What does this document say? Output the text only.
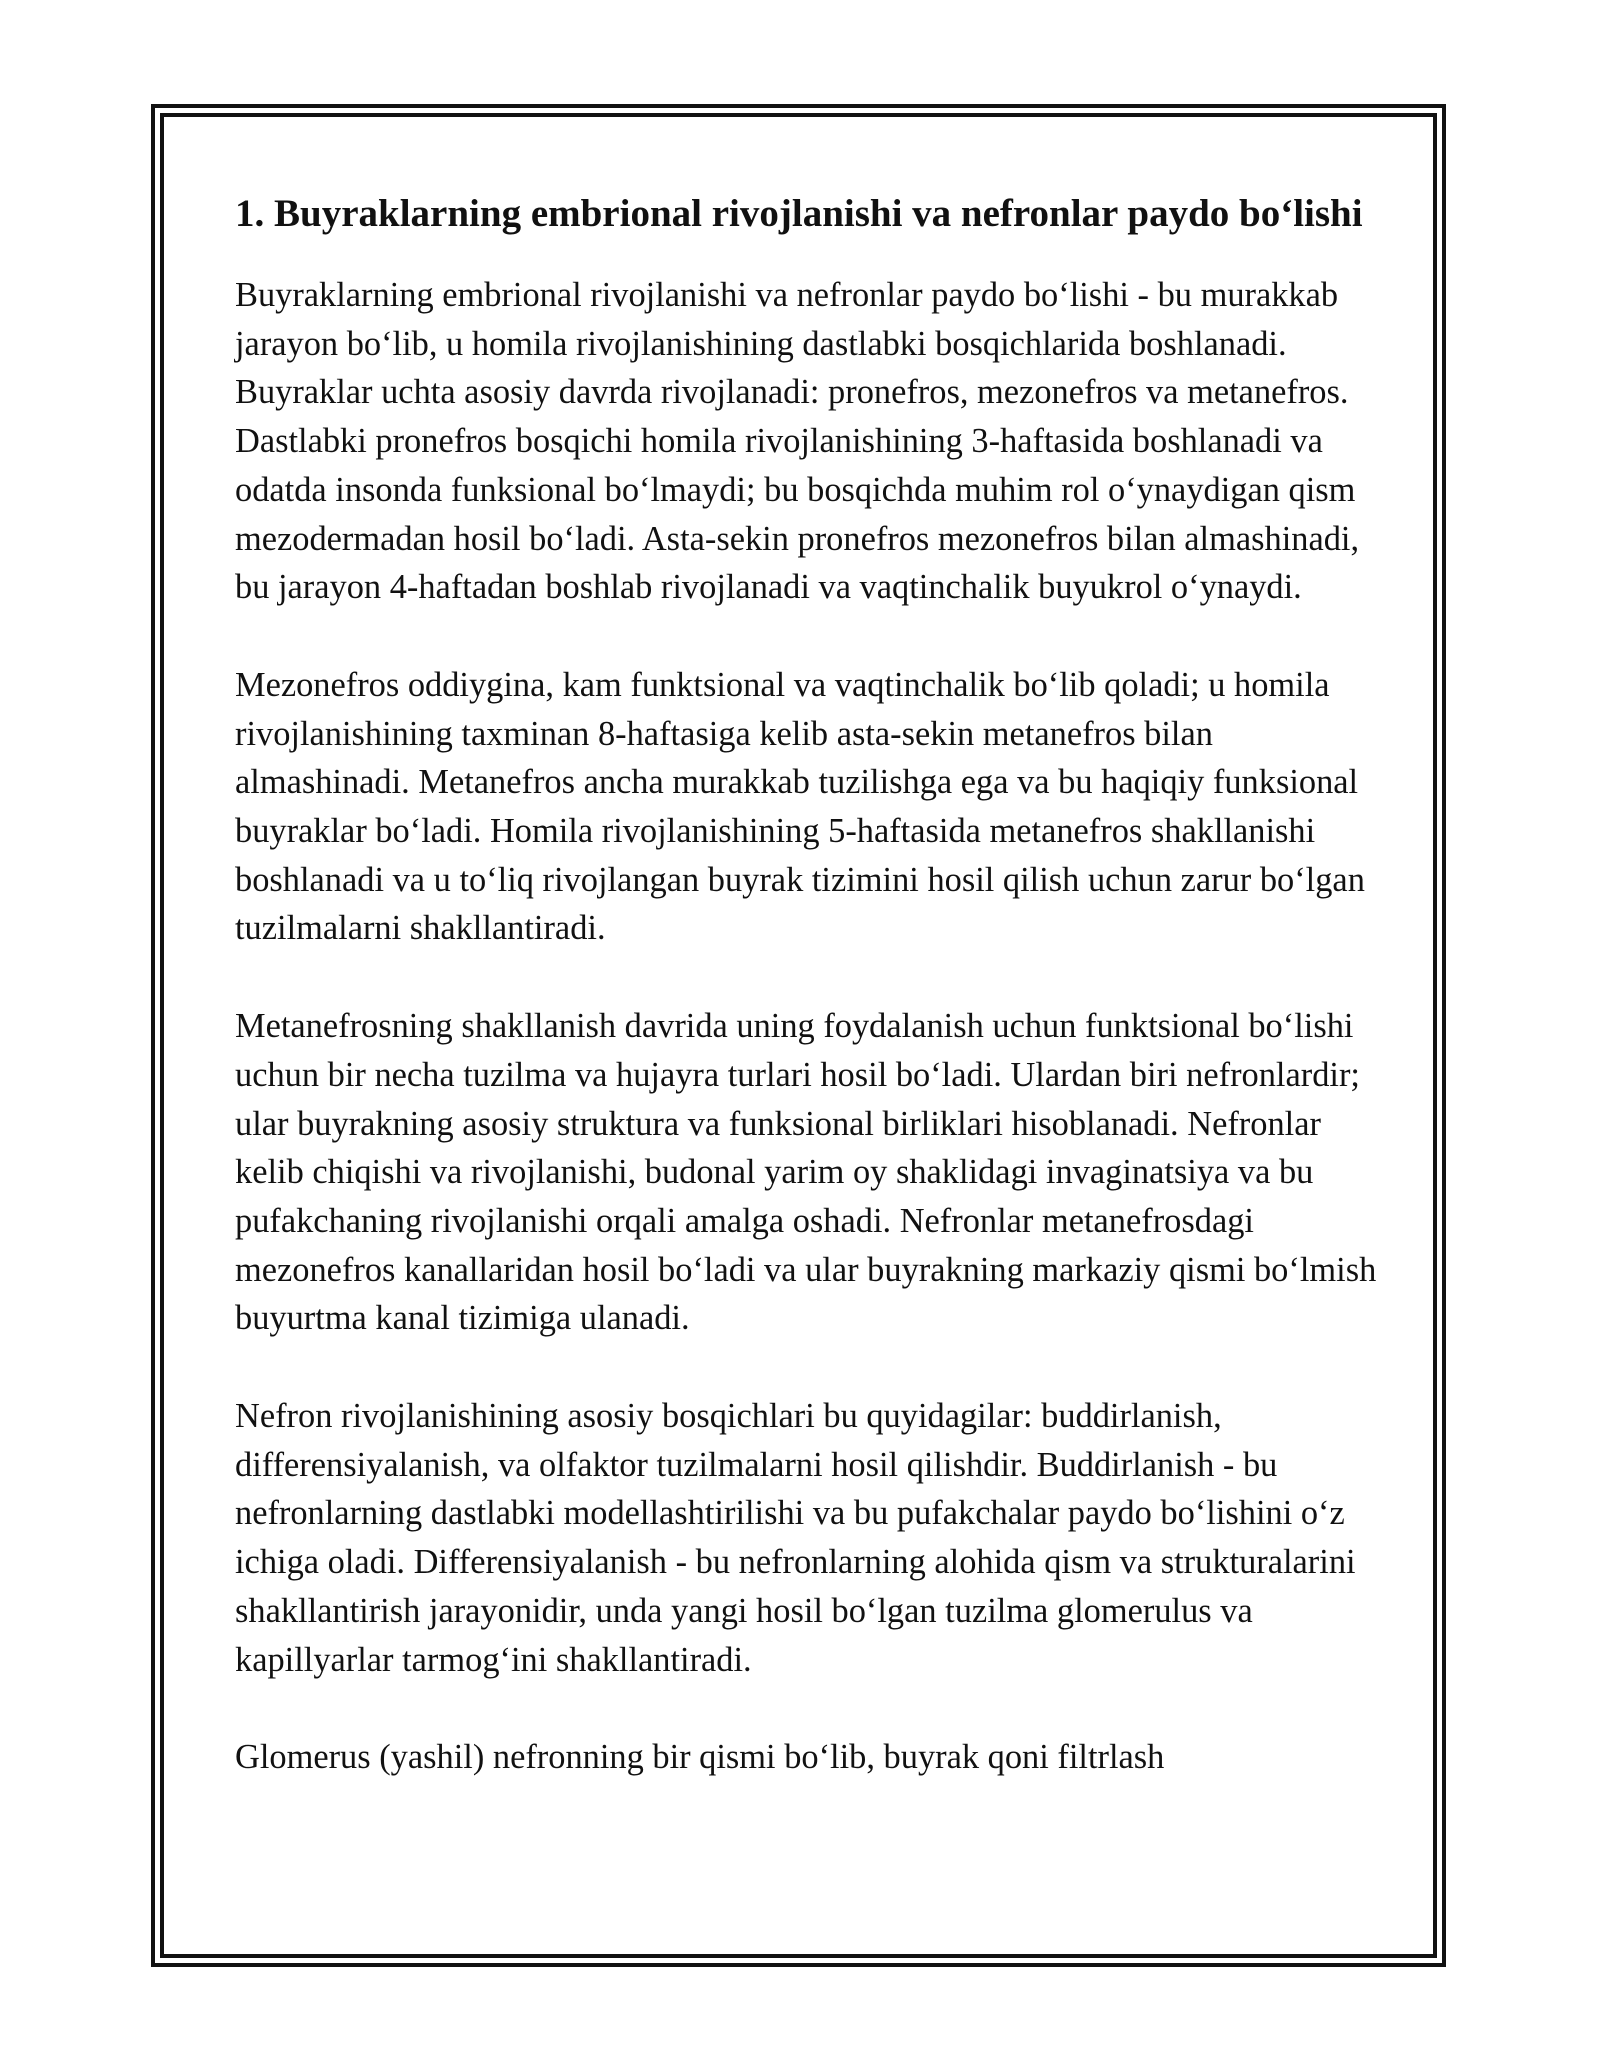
1. Buyraklarning embrional rivojlanishi va nefronlar paydo bo‘lishi

Buyraklarning embrional rivojlanishi va nefronlar paydo bo‘lishi - bu murakkab jarayon bo‘lib, u homila rivojlanishining dastlabki bosqichlarida boshlanadi. Buyraklar uchta asosiy davrda rivojlanadi: pronefros, mezonefros va metanefros. Dastlabki pronefros bosqichi homila rivojlanishining 3-haftasida boshlanadi va odatda insonda funksional bo‘lmaydi; bu bosqichda muhim rol o‘ynaydigan qism mezodermadan hosil bo‘ladi. Asta-sekin pronefros mezonefros bilan almashinadi, bu jarayon 4-haftadan boshlab rivojlanadi va vaqtinchalik buyukrol o‘ynaydi.

Mezonefros oddiygina, kam funktsional va vaqtinchalik bo‘lib qoladi; u homila rivojlanishining taxminan 8-haftasiga kelib asta-sekin metanefros bilan almashinadi. Metanefros ancha murakkab tuzilishga ega va bu haqiqiy funksional buyraklar bo‘ladi. Homila rivojlanishining 5-haftasida metanefros shakllanishi boshlanadi va u to‘liq rivojlangan buyrak tizimini hosil qilish uchun zarur bo‘lgan tuzilmalarni shakllantiradi.

Metanefrosning shakllanish davrida uning foydalanish uchun funktsional bo‘lishi uchun bir necha tuzilma va hujayra turlari hosil bo‘ladi. Ulardan biri nefronlardir; ular buyrakning asosiy struktura va funksional birliklari hisoblanadi. Nefronlar kelib chiqishi va rivojlanishi, budonal yarim oy shaklidagi invaginatsiya va bu pufakchaning rivojlanishi orqali amalga oshadi. Nefronlar metanefrosdagi mezonefros kanallaridan hosil bo‘ladi va ular buyrakning markaziy qismi bo‘lmish buyurtma kanal tizimiga ulanadi.

Nefron rivojlanishining asosiy bosqichlari bu quyidagilar: buddirlanish, differensiyalanish, va olfaktor tuzilmalarni hosil qilishdir. Buddirlanish - bu nefronlarning dastlabki modellashtirilishi va bu pufakchalar paydo bo‘lishini o‘z ichiga oladi. Differensiyalanish - bu nefronlarning alohida qism va strukturalarini shakllantirish jarayonidir, unda yangi hosil bo‘lgan tuzilma glomerulus va kapillyarlar tarmog‘ini shakllantiradi.

Glomerus (yashil) nefronning bir qismi bo‘lib, buyrak qoni filtrlash
